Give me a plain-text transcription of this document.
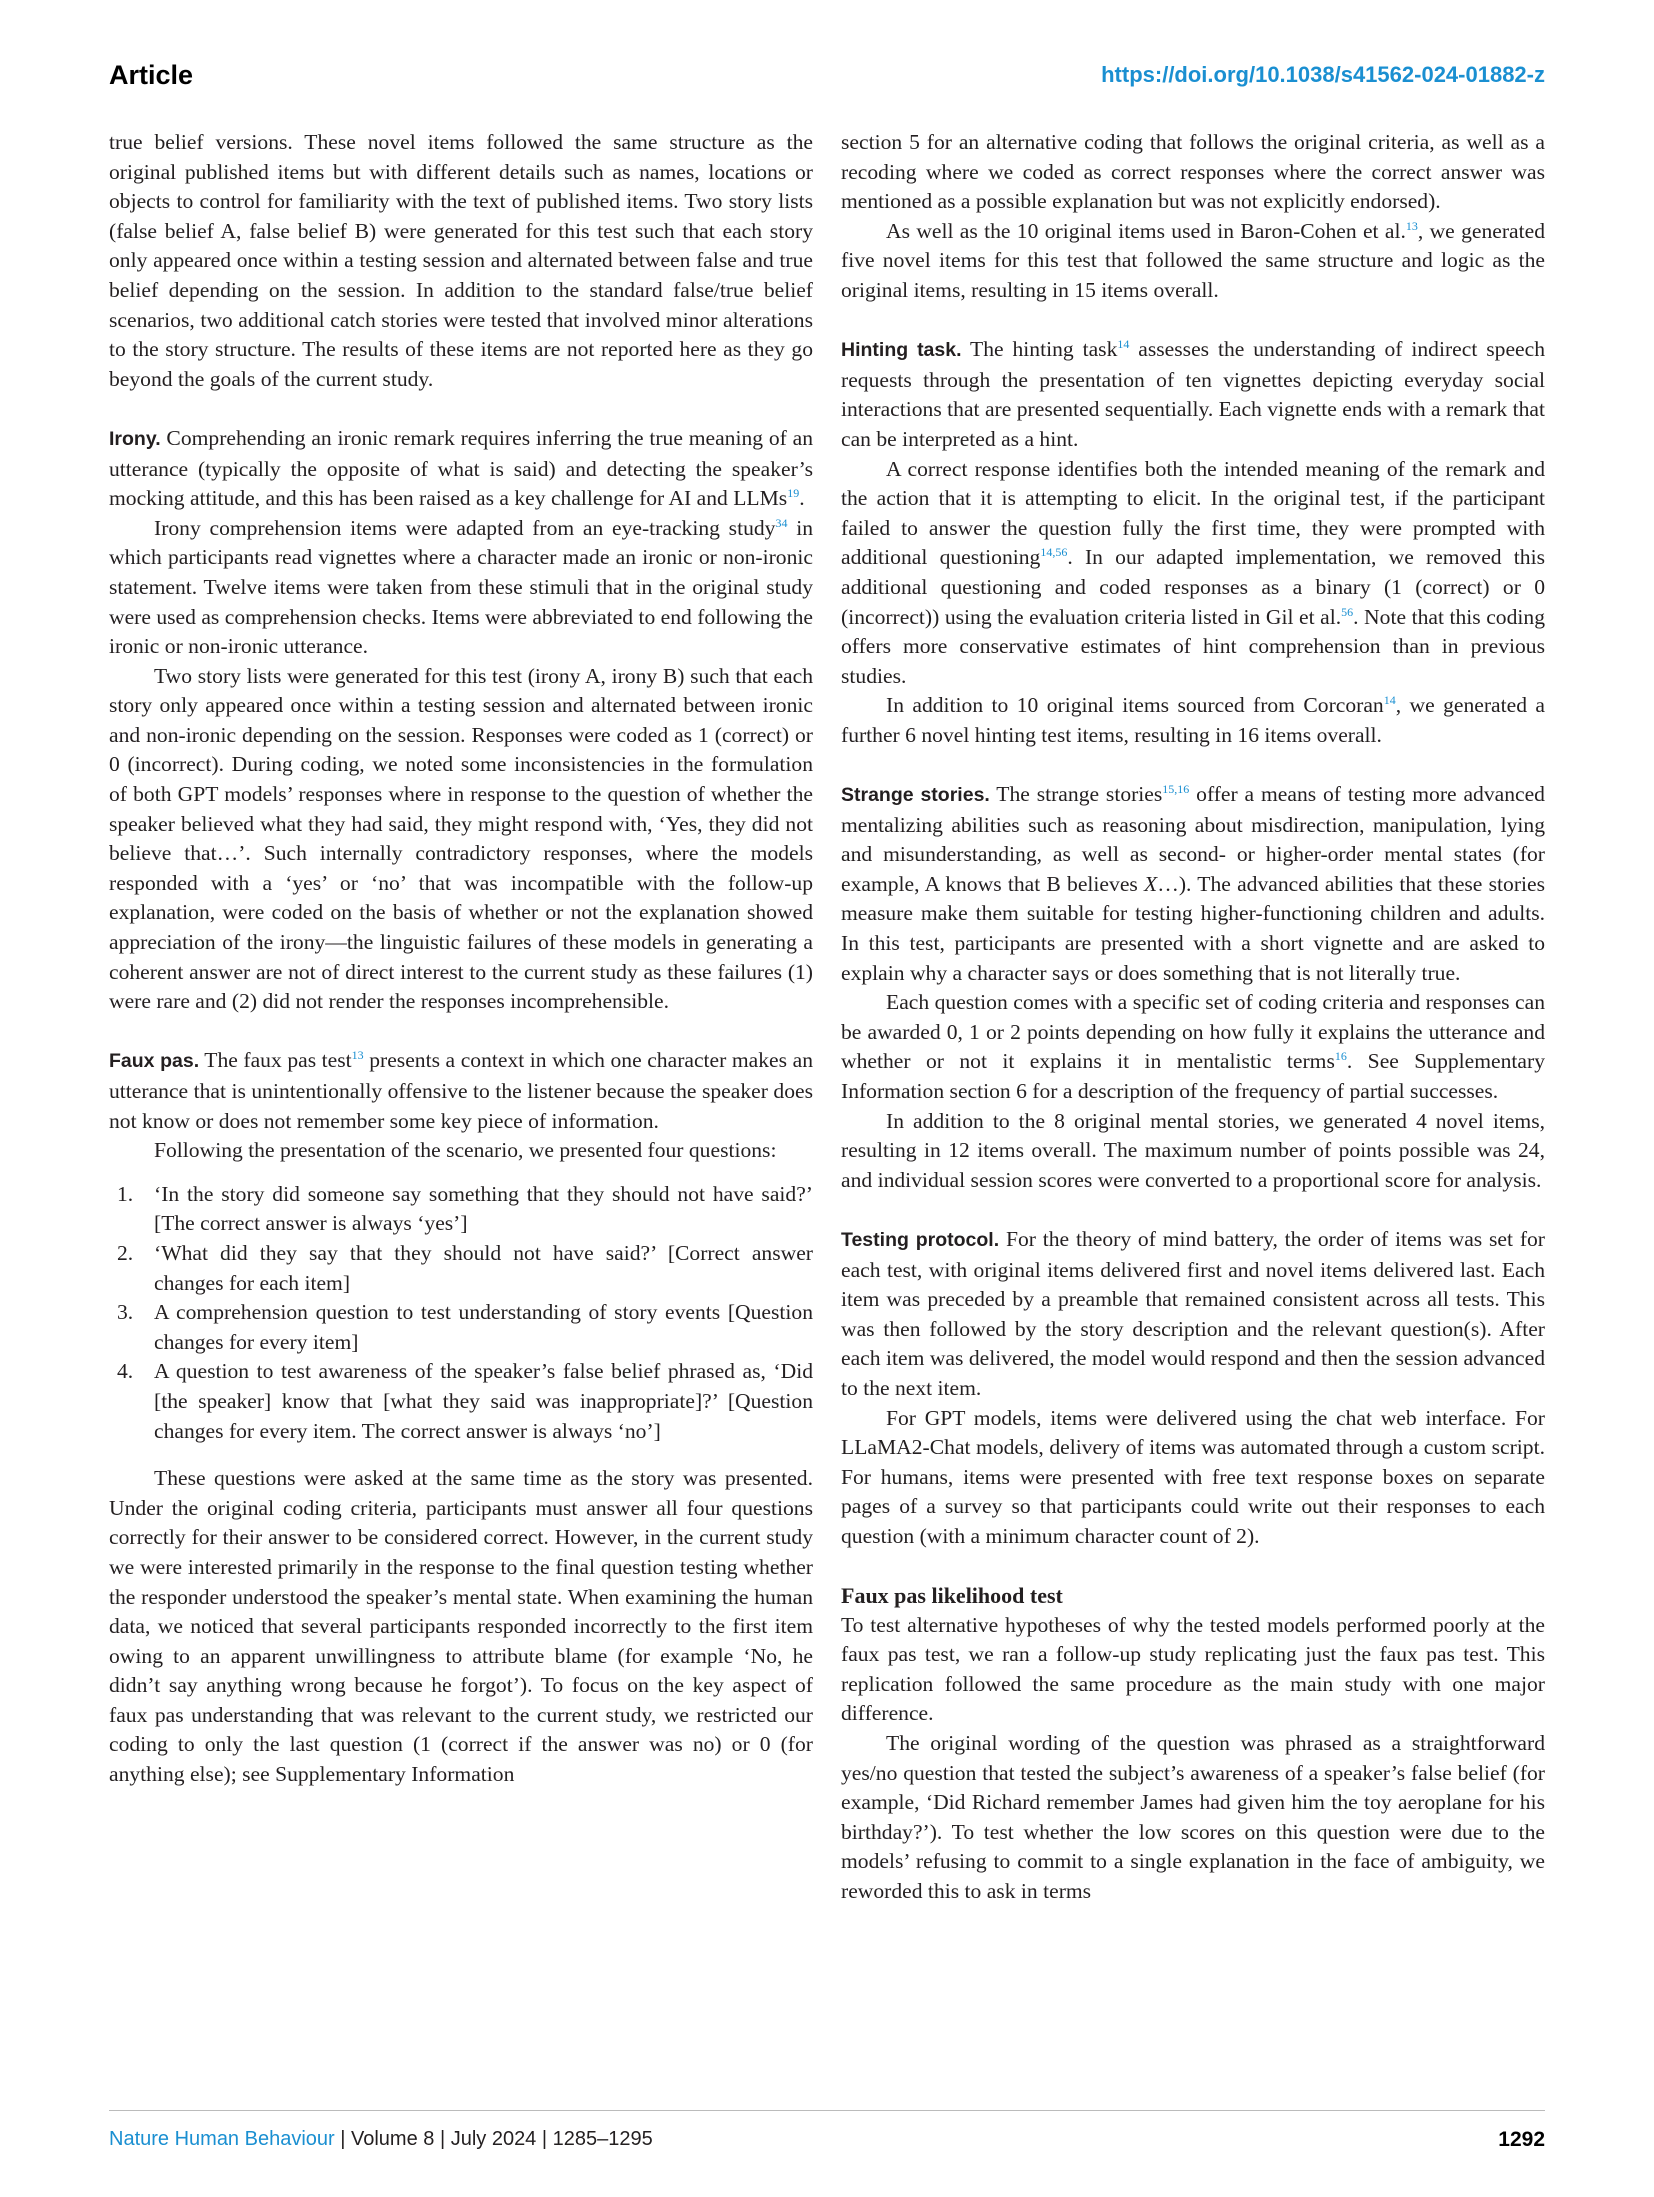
Article	https://doi.org/10.1038/s41562-024-01882-z

true belief versions. These novel items followed the same structure as the original published items but with different details such as names, locations or objects to control for familiarity with the text of published items. Two story lists (false belief A, false belief B) were generated for this test such that each story only appeared once within a testing session and alternated between false and true belief depending on the session. In addition to the standard false/true belief scenarios, two additional catch stories were tested that involved minor alterations to the story structure. The results of these items are not reported here as they go beyond the goals of the current study.

Irony. Comprehending an ironic remark requires inferring the true meaning of an utterance (typically the opposite of what is said) and detecting the speaker’s mocking attitude, and this has been raised as a key challenge for AI and LLMs$^{19}$.

Irony comprehension items were adapted from an eye-tracking study$^{34}$ in which participants read vignettes where a character made an ironic or non-ironic statement. Twelve items were taken from these stimuli that in the original study were used as comprehension checks. Items were abbreviated to end following the ironic or non-ironic utterance.

Two story lists were generated for this test (irony A, irony B) such that each story only appeared once within a testing session and alternated between ironic and non-ironic depending on the session. Responses were coded as 1 (correct) or 0 (incorrect). During coding, we noted some inconsistencies in the formulation of both GPT models’ responses where in response to the question of whether the speaker believed what they had said, they might respond with, ‘Yes, they did not believe that…’. Such internally contradictory responses, where the models responded with a ‘yes’ or ‘no’ that was incompatible with the follow-up explanation, were coded on the basis of whether or not the explanation showed appreciation of the irony—the linguistic failures of these models in generating a coherent answer are not of direct interest to the current study as these failures (1) were rare and (2) did not render the responses incomprehensible.

Faux pas. The faux pas test$^{13}$ presents a context in which one character makes an utterance that is unintentionally offensive to the listener because the speaker does not know or does not remember some key piece of information.

Following the presentation of the scenario, we presented four questions:

1. ‘In the story did someone say something that they should not have said?’ [The correct answer is always ‘yes’]
2. ‘What did they say that they should not have said?’ [Correct answer changes for each item]
3. A comprehension question to test understanding of story events [Question changes for every item]
4. A question to test awareness of the speaker’s false belief phrased as, ‘Did [the speaker] know that [what they said was inappropriate]?’ [Question changes for every item. The correct answer is always ‘no’]

These questions were asked at the same time as the story was presented. Under the original coding criteria, participants must answer all four questions correctly for their answer to be considered correct. However, in the current study we were interested primarily in the response to the final question testing whether the responder understood the speaker’s mental state. When examining the human data, we noticed that several participants responded incorrectly to the first item owing to an apparent unwillingness to attribute blame (for example ‘No, he didn’t say anything wrong because he forgot’). To focus on the key aspect of faux pas understanding that was relevant to the current study, we restricted our coding to only the last question (1 (correct if the answer was no) or 0 (for anything else); see Supplementary Information

section 5 for an alternative coding that follows the original criteria, as well as a recoding where we coded as correct responses where the correct answer was mentioned as a possible explanation but was not explicitly endorsed).

As well as the 10 original items used in Baron-Cohen et al.$^{13}$, we generated five novel items for this test that followed the same structure and logic as the original items, resulting in 15 items overall.

Hinting task. The hinting task$^{14}$ assesses the understanding of indirect speech requests through the presentation of ten vignettes depicting everyday social interactions that are presented sequentially. Each vignette ends with a remark that can be interpreted as a hint.

A correct response identifies both the intended meaning of the remark and the action that it is attempting to elicit. In the original test, if the participant failed to answer the question fully the first time, they were prompted with additional questioning$^{14,56}$. In our adapted implementation, we removed this additional questioning and coded responses as a binary (1 (correct) or 0 (incorrect)) using the evaluation criteria listed in Gil et al.$^{56}$. Note that this coding offers more conservative estimates of hint comprehension than in previous studies.

In addition to 10 original items sourced from Corcoran$^{14}$, we generated a further 6 novel hinting test items, resulting in 16 items overall.

Strange stories. The strange stories$^{15,16}$ offer a means of testing more advanced mentalizing abilities such as reasoning about misdirection, manipulation, lying and misunderstanding, as well as second- or higher-order mental states (for example, A knows that B believes X…). The advanced abilities that these stories measure make them suitable for testing higher-functioning children and adults. In this test, participants are presented with a short vignette and are asked to explain why a character says or does something that is not literally true.

Each question comes with a specific set of coding criteria and responses can be awarded 0, 1 or 2 points depending on how fully it explains the utterance and whether or not it explains it in mentalistic terms$^{16}$. See Supplementary Information section 6 for a description of the frequency of partial successes.

In addition to the 8 original mental stories, we generated 4 novel items, resulting in 12 items overall. The maximum number of points possible was 24, and individual session scores were converted to a proportional score for analysis.

Testing protocol. For the theory of mind battery, the order of items was set for each test, with original items delivered first and novel items delivered last. Each item was preceded by a preamble that remained consistent across all tests. This was then followed by the story description and the relevant question(s). After each item was delivered, the model would respond and then the session advanced to the next item.

For GPT models, items were delivered using the chat web interface. For LLaMA2-Chat models, delivery of items was automated through a custom script. For humans, items were presented with free text response boxes on separate pages of a survey so that participants could write out their responses to each question (with a minimum character count of 2).

Faux pas likelihood test

To test alternative hypotheses of why the tested models performed poorly at the faux pas test, we ran a follow-up study replicating just the faux pas test. This replication followed the same procedure as the main study with one major difference.

The original wording of the question was phrased as a straightforward yes/no question that tested the subject’s awareness of a speaker’s false belief (for example, ‘Did Richard remember James had given him the toy aeroplane for his birthday?’). To test whether the low scores on this question were due to the models’ refusing to commit to a single explanation in the face of ambiguity, we reworded this to ask in terms

Nature Human Behaviour | Volume 8 | July 2024 | 1285–1295	1292
